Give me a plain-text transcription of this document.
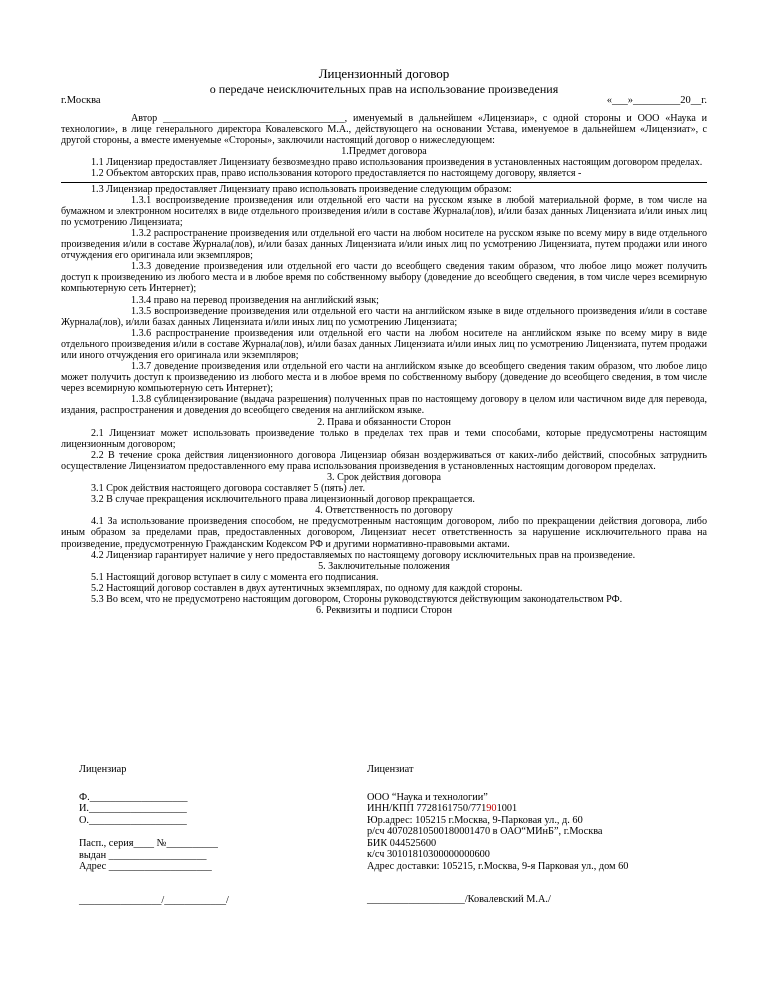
Лицензионный договор

о передаче неисключительных прав на использование произведения

г.Москва	«___»_________20__г.

Автор ____________________________________, именуемый в дальнейшем «Лицензиар», с одной стороны и ООО «Наука и технологии», в лице генерального директора Ковалевского М.А., действующего на основании Устава, именуемое в дальнейшем «Лицензиат», с другой стороны, а вместе именуемые «Стороны», заключили настоящий договор о нижеследующем:

1.Предмет договора

1.1 Лицензиар предоставляет Лицензиату безвозмездно право использования произведения в установленных настоящим договором пределах.

1.2 Объектом авторских прав, право использования которого предоставляется по настоящему договору, является -

1.3 Лицензиар предоставляет Лицензиату право использовать произведение следующим образом:

1.3.1 воспроизведение произведения или отдельной его части на русском языке в любой материальной форме, в том числе на бумажном и электронном носителях в виде отдельного произведения и/или в составе Журнала(лов), и/или базах данных Лицензиата и/или иных лиц по усмотрению Лицензиата;

1.3.2 распространение произведения или отдельной его части на любом носителе на русском языке по всему миру в виде отдельного произведения и/или в составе Журнала(лов), и/или базах данных Лицензиата и/или иных лиц по усмотрению Лицензиата, путем продажи или иного отчуждения его оригинала или экземпляров;

1.3.3 доведение произведения или отдельной его части до всеобщего сведения таким образом, что любое лицо может получить доступ к произведению из любого места и в любое время по собственному выбору (доведение до всеобщего сведения, в том числе через всемирную компьютерную сеть Интернет);

1.3.4 право на перевод произведения на английский язык;

1.3.5 воспроизведение произведения или отдельной его части на английском языке в виде отдельного произведения и/или в составе Журнала(лов), и/или базах данных Лицензиата и/или иных лиц по усмотрению Лицензиата;

1.3.6 распространение произведения или отдельной его части на любом носителе на английском языке по всему миру в виде отдельного произведения и/или в составе Журнала(лов), и/или базах данных Лицензиата и/или иных лиц по усмотрению Лицензиата, путем продажи или иного отчуждения его оригинала или экземпляров;

1.3.7 доведение произведения или отдельной его части на английском языке до всеобщего сведения таким образом, что любое лицо может получить доступ к произведению из любого места и в любое время по собственному выбору (доведение до всеобщего сведения, в том числе через всемирную компьютерную сеть Интернет);

1.3.8 сублицензирование (выдача разрешения) полученных прав по настоящему договору в целом или частичном виде для перевода, издания, распространения и доведения до всеобщего сведения на английском языке.

2. Права и обязанности Сторон

2.1 Лицензиат может использовать произведение только в пределах тех прав и теми способами, которые предусмотрены настоящим лицензионным договором;

2.2 В течение срока действия лицензионного договора Лицензиар обязан воздерживаться от каких-либо действий, способных затруднить осуществление Лицензиатом предоставленного ему права использования произведения в установленных настоящим договором пределах.

3. Срок действия договора

3.1 Срок действия настоящего договора составляет 5 (пять) лет.

3.2 В случае прекращения исключительного права лицензионный договор прекращается.

4. Ответственность по договору

4.1 За использование произведения способом, не предусмотренным настоящим договором, либо по прекращении действия договора, либо иным образом за пределами прав, предоставленных договором, Лицензиат несет ответственность за нарушение исключительного права на произведение, предусмотренную Гражданским Кодексом РФ и другими нормативно-правовыми актами.

4.2 Лицензиар гарантирует наличие у него предоставляемых по настоящему договору исключительных прав на произведение.

5. Заключительные положения

5.1 Настоящий договор вступает в силу с момента его подписания.

5.2 Настоящий договор составлен в двух аутентичных экземплярах, по одному для каждой стороны.

5.3 Во всем, что не предусмотрено настоящим договором, Стороны руководствуются действующим законодательством РФ.

6. Реквизиты и подписи Сторон

Лицензиар
Ф.___________________
И.___________________
О.___________________
Пасп., серия____ №__________
выдан ___________________
Адрес ____________________
________________/____________/
Лицензиат
ООО “Наука и технологии”
ИНН/КПП 7728161750/771901001
Юр.адрес: 105215 г.Москва, 9-Парковая ул., д. 60
р/сч 40702810500180001470 в ОАО“МИнБ”, г.Москва
БИК 044525600
к/сч 30101810300000000600
Адрес доставки: 105215, г.Москва, 9-я Парковая ул., дом 60
___________________/Ковалевский М.А./
